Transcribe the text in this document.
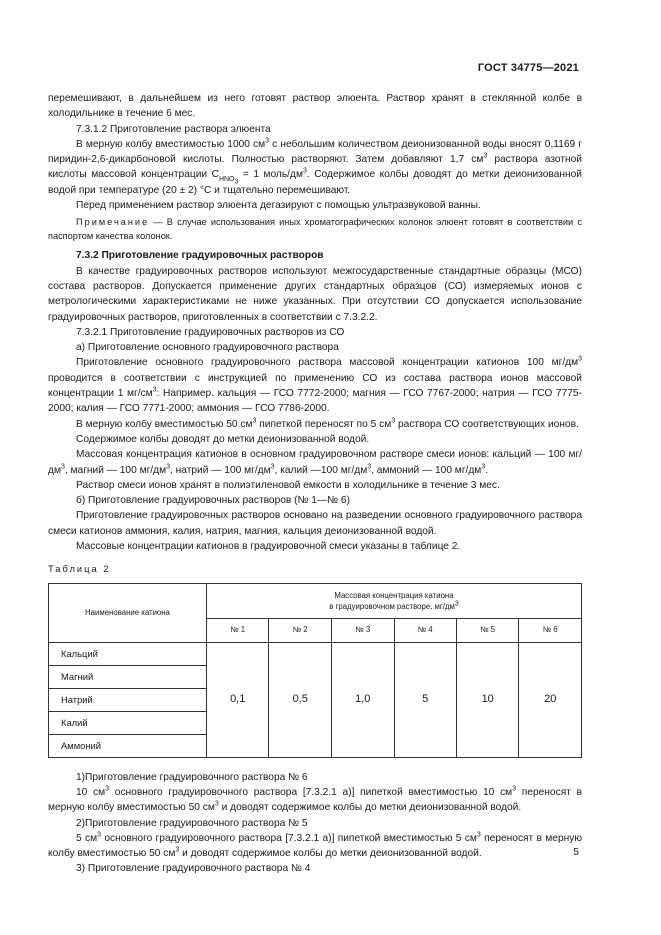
ГОСТ 34775—2021

перемешивают, в дальнейшем из него готовят раствор элюента. Раствор хранят в стеклянной колбе в холодильнике в течение 6 мес.

7.3.1.2 Приготовление раствора элюента

В мерную колбу вместимостью 1000 $см^3$ с небольшим количеством деионизованной воды вносят 0,1169 г пиридин-2,6-дикарбоновой кислоты. Полностью растворяют. Затем добавляют 1,7 $см^3$ раствора азотной кислоты массовой концентрации $C_{HNO_3} = 1$ моль/$дм^3$. Содержимое колбы доводят до метки деионизованной водой при температуре (20 ± 2) °С и тщательно перемешивают.

Перед применением раствор элюента дегазируют с помощью ультразвуковой ванны.

Примечание — В случае использования иных хроматографических колонок элюент готовят в соответствии с паспортом качества колонок.

7.3.2 Приготовление градуировочных растворов

В качестве градуировочных растворов используют межгосударственные стандартные образцы (МСО) состава растворов. Допускается применение других стандартных образцов (СО) измеряемых ионов с метрологическими характеристиками не ниже указанных. При отсутствии СО допускается использование градуировочных растворов, приготовленных в соответствии с 7.3.2.2.

7.3.2.1 Приготовление градуировочных растворов из СО

а) Приготовление основного градуировочного раствора

Приготовление основного градуировочного раствора массовой концентрации катионов 100 $мг/дм^3$ проводится в соответствии с инструкцией по применению СО из состава раствора ионов массовой концентрации 1 $мг/см^3$: Например. кальция — ГСО 7772-2000; магния — ГСО 7767-2000; натрия — ГСО 7775-2000; калия — ГСО 7771-2000; аммония — ГСО 7786-2000.

В мерную колбу вместимостью 50 $см^3$ пипеткой переносят по 5 $см^3$ раствора СО соответствующих ионов.

Содержимое колбы доводят до метки деионизованной водой.

Массовая концентрация катионов в основном градуировочном растворе смеси ионов: кальций — 100 $мг/дм^3$, магний — 100 $мг/дм^3$, натрий — 100 $мг/дм^3$, калий —100 $мг/дм^3$, аммоний — 100 $мг/дм^3$.

Раствор смеси ионов хранят в полиэтиленовой емкости в холодильнике в течение 3 мес.

б) Приготовление градуировочных растворов (№ 1—№ 6)

Приготовление градуировочных растворов основано на разведении основного градуировочного раствора смеси катионов аммония, калия, натрия, магния, кальция деионизованной водой.

Массовые концентрации катионов в градуировочной смеси указаны в таблице 2.

Таблица 2

Наименование катиона	Массовая концентрация катиона
в градуировочном растворе, $мг/дм^3$
	№ 1	№ 2	№ 3	№ 4	№ 5	№ 6
Кальций	0,1	0,5	1,0	5	10	20
Магний						
Натрий						
Калий						
Аммоний						

1)Приготовление градуировочного раствора № 6

10 $см^3$ основного градуировочного раствора [7.3.2.1 а)] пипеткой вместимостью 10 $см^3$ переносят в мерную колбу вместимостью 50 $см^3$ и доводят содержимое колбы до метки деионизованной водой.

2)Приготовление градуировочного раствора № 5

5 $см^3$ основного градуировочного раствора [7.3.2.1 а)] пипеткой вместимостью 5 $см^3$ переносят в мерную колбу вместимостью 50 $см^3$ и доводят содержимое колбы до метки деионизованной водой.

3) Приготовление градуировочного раствора № 4

5
